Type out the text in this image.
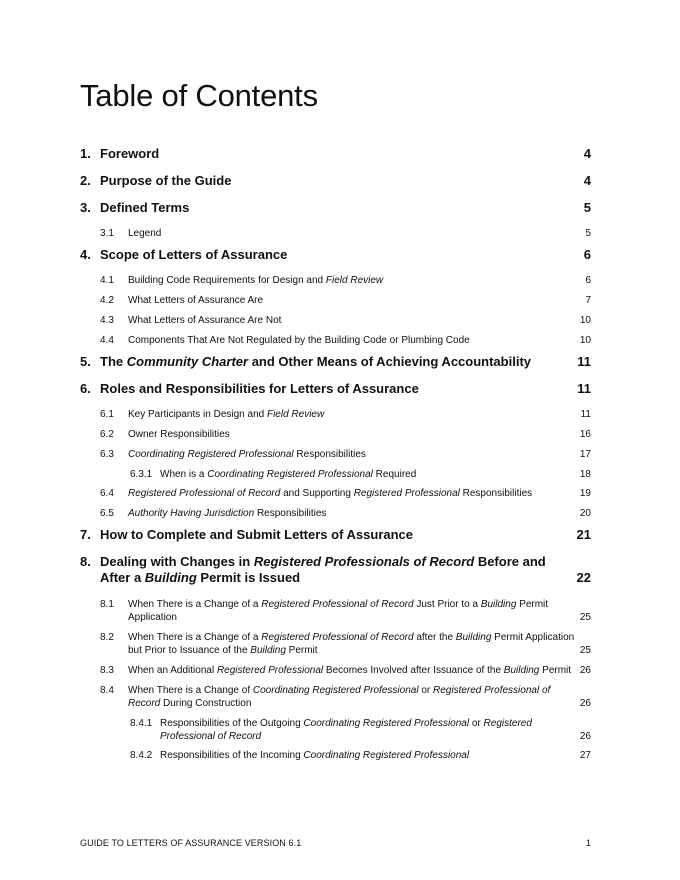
Table of Contents
1. Foreword	4
2. Purpose of the Guide	4
3. Defined Terms	5
3.1 Legend	5
4. Scope of Letters of Assurance	6
4.1 Building Code Requirements for Design and Field Review	6
4.2 What Letters of Assurance Are	7
4.3 What Letters of Assurance Are Not	10
4.4 Components That Are Not Regulated by the Building Code or Plumbing Code	10
5. The Community Charter and Other Means of Achieving Accountability	11
6. Roles and Responsibilities for Letters of Assurance	11
6.1 Key Participants in Design and Field Review	11
6.2 Owner Responsibilities	16
6.3 Coordinating Registered Professional Responsibilities	17
6.3.1 When is a Coordinating Registered Professional Required	18
6.4 Registered Professional of Record and Supporting Registered Professional Responsibilities	19
6.5 Authority Having Jurisdiction Responsibilities	20
7. How to Complete and Submit Letters of Assurance	21
8. Dealing with Changes in Registered Professionals of Record Before and After a Building Permit is Issued	22
8.1 When There is a Change of a Registered Professional of Record Just Prior to a Building Permit Application	25
8.2 When There is a Change of a Registered Professional of Record after the Building Permit Application but Prior to Issuance of the Building Permit	25
8.3 When an Additional Registered Professional Becomes Involved after Issuance of the Building Permit 26
8.4 When There is a Change of Coordinating Registered Professional or Registered Professional of Record During Construction	26
8.4.1 Responsibilities of the Outgoing Coordinating Registered Professional or Registered Professional of Record	26
8.4.2 Responsibilities of the Incoming Coordinating Registered Professional	27
GUIDE TO LETTERS OF ASSURANCE VERSION 6.1	1
